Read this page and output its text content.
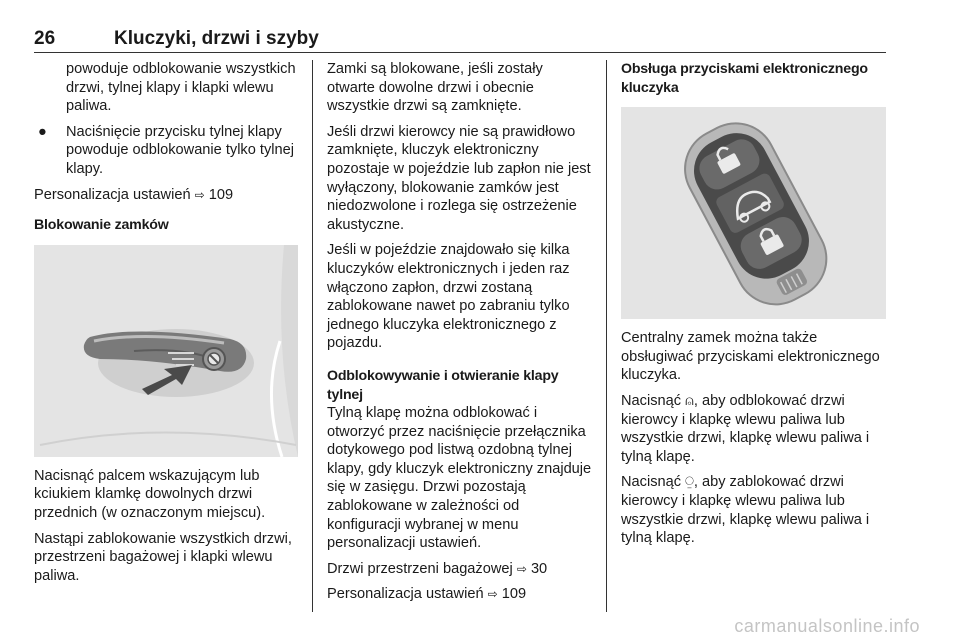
26	Kluczyki, drzwi i szyby

powoduje odblokowanie wszystkich drzwi, tylnej klapy i klapki wlewu paliwa.

●	Naciśnięcie przycisku tylnej klapy powoduje odblokowanie tylko tylnej klapy.

Personalizacja ustawień ⇨ 109

Blokowanie zamków

Nacisnąć palcem wskazującym lub kciukiem klamkę dowolnych drzwi przednich (w oznaczonym miejscu).

Nastąpi zablokowanie wszystkich drzwi, przestrzeni bagażowej i klapki wlewu paliwa.

Zamki są blokowane, jeśli zostały otwarte dowolne drzwi i obecnie wszystkie drzwi są zamknięte.

Jeśli drzwi kierowcy nie są prawidłowo zamknięte, kluczyk elektroniczny pozostaje w pojeździe lub zapłon nie jest wyłączony, blokowanie zamków jest niedozwolone i rozlega się ostrzeżenie akustyczne.

Jeśli w pojeździe znajdowało się kilka kluczyków elektronicznych i jeden raz włączono zapłon, drzwi zostaną zablokowane nawet po zabraniu tylko jednego kluczyka elektronicznego z pojazdu.

Odblokowywanie i otwieranie klapy tylnej

Tylną klapę można odblokować i otworzyć przez naciśnięcie przełącznika dotykowego pod listwą ozdobną tylnej klapy, gdy kluczyk elektroniczny znajduje się w zasięgu. Drzwi pozostają zablokowane w zależności od konfiguracji wybranej w menu personalizacji ustawień.

Drzwi przestrzeni bagażowej ⇨ 30

Personalizacja ustawień ⇨ 109

Obsługa przyciskami elektronicznego kluczyka

Centralny zamek można także obsługiwać przyciskami elektronicznego kluczyka.

Nacisnąć ⍝, aby odblokować drzwi kierowcy i klapkę wlewu paliwa lub wszystkie drzwi, klapkę wlewu paliwa i tylną klapę.

Nacisnąć ⍜, aby zablokować drzwi kierowcy i klapkę wlewu paliwa lub wszystkie drzwi, klapkę wlewu paliwa i tylną klapę.

carmanualsonline.info
